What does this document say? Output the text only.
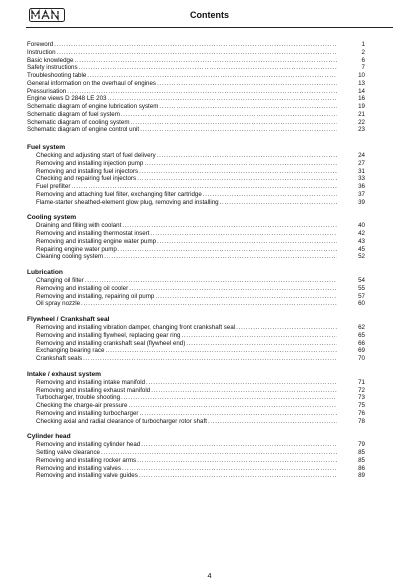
Contents
Foreword .....	1
Instruction .....	2
Basic knowledge .....	6
Safety instructions .....	7
Troubleshooting table .....	10
General information on the overhaul of engines .....	13
Pressurisation .....	14
Engine views D 2848 LE 203 .....	16
Schematic diagram of engine lubrication system .....	19
Schematic diagram of fuel system .....	21
Schematic diagram of cooling system .....	22
Schematic diagram of engine control unit .....	23
Fuel system
Checking and adjusting start of fuel delivery .....	24
Removing and installing injection pump .....	27
Removing and installing fuel injectors .....	31
Checking and repairing fuel injectors .....	33
Fuel prefilter .....	36
Removing and attaching fuel filter, exchanging filter cartridge .....	37
Flame-starter sheathed-element glow plug, removing and installing .....	39
Cooling system
Draining and filling with coolant .....	40
Removing and installing thermostat insert .....	42
Removing and installing engine water pump .....	43
Repairing engine water pump .....	45
Cleaning cooling system .....	52
Lubrication
Changing oil filter .....	54
Removing and installing oil cooler .....	55
Removing and installing, repairing oil pump .....	57
Oil spray nozzle .....	60
Flywheel / Crankshaft seal
Removing and installing vibration damper, changing front crankshaft seal .....	62
Removing and installing flywheel, replacing gear ring .....	65
Removing and installing crankshaft seal (flywheel end) .....	66
Exchanging bearing race .....	69
Crankshaft seals .....	70
Intake / exhaust system
Removing and installing intake manifold .....	71
Removing and installing exhaust manifold .....	72
Turbocharger, trouble shooting .....	73
Checking the charge-air pressure .....	75
Removing and installing turbocharger .....	76
Checking axial and radial clearance of turbocharger rotor shaft .....	78
Cylinder head
Removing and installing cylinder head .....	79
Setting valve clearance .....	85
Removing and installing rocker arms .....	85
Removing and installing valves .....	86
Removing and installing valve guides .....	89
4
